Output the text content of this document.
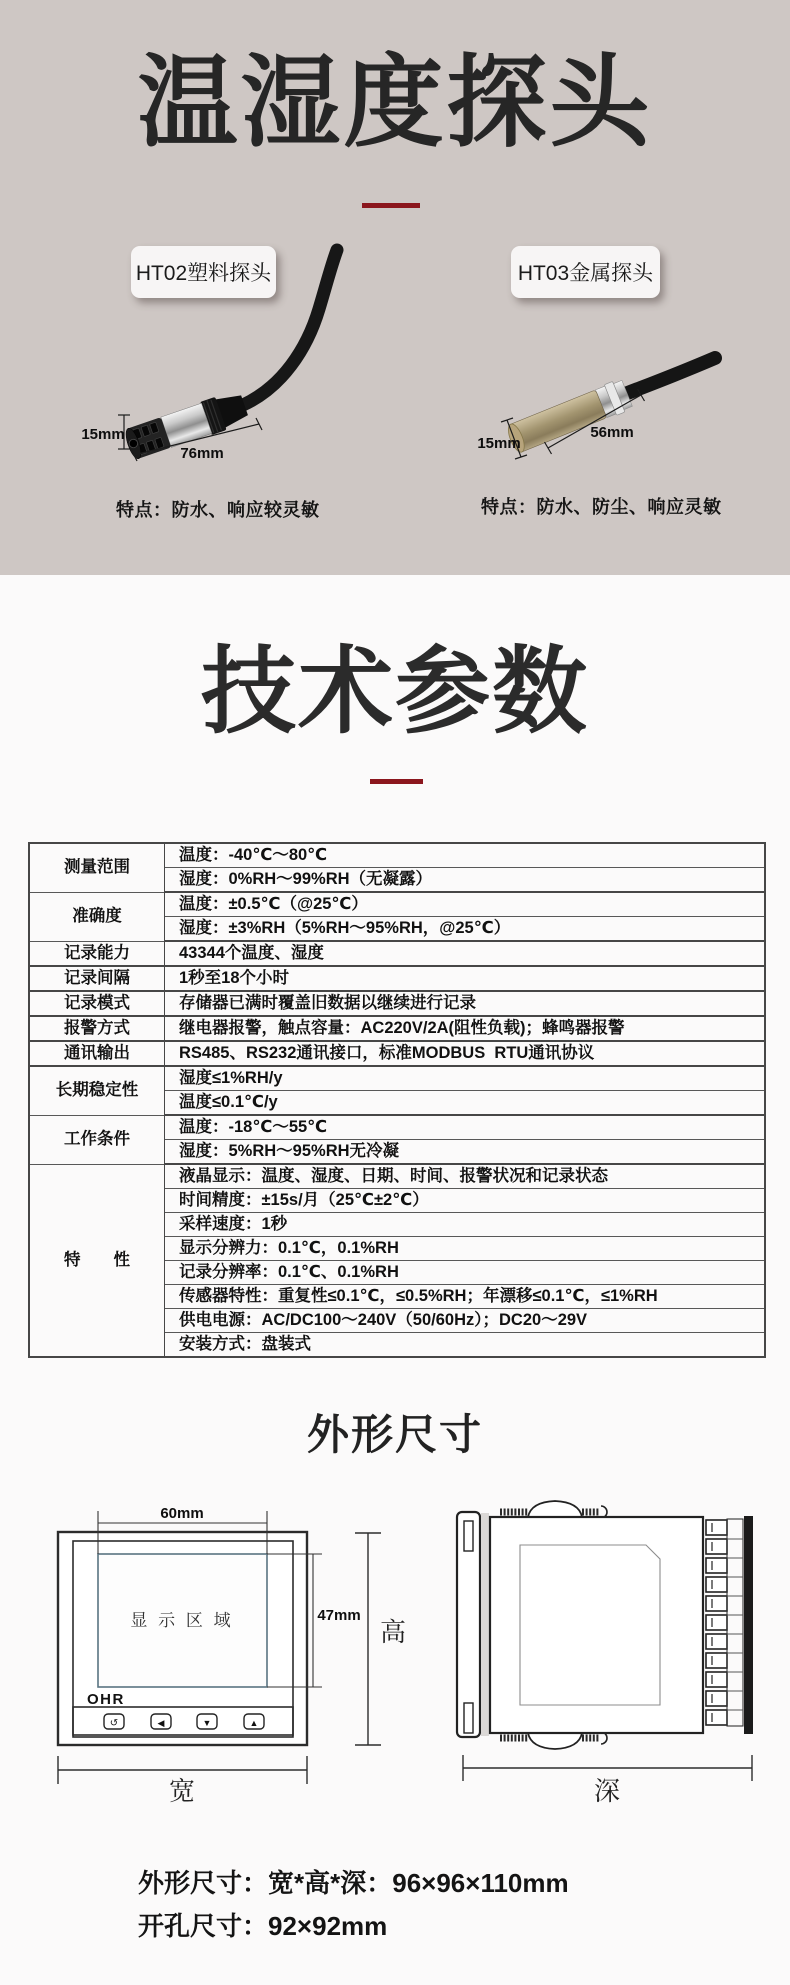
温湿度探头
15mm
76mm
15mm
56mm
HT02塑料探头	HT03金属探头
特点：防水、响应较灵敏	特点：防水、防尘、响应灵敏
技术参数
测量范围	温度：-40℃～80℃
	湿度：0%RH～99%RH（无凝露）
准确度	温度：±0.5℃（@25℃）
	湿度：±3%RH（5%RH～95%RH，@25℃）
记录能力	43344个温度、湿度
记录间隔	1秒至18个小时
记录模式	存储器已满时覆盖旧数据以继续进行记录
报警方式	继电器报警，触点容量：AC220V/2A(阻性负载)；蜂鸣器报警
通讯输出	RS485、RS232通讯接口，标准MODBUS  RTU通讯协议
长期稳定性	湿度≤1%RH/y
	温度≤0.1℃/y
工作条件	温度：-18℃～55℃
	湿度：5%RH～95%RH无冷凝
特　　性	液晶显示：温度、湿度、日期、时间、报警状况和记录状态
	时间精度：±15s/月（25℃±2℃）
	采样速度：1秒
	显示分辨力：0.1℃，0.1%RH
	记录分辨率：0.1℃、0.1%RH
	传感器特性：重复性≤0.1℃，≤0.5%RH；年漂移≤0.1℃，≤1%RH
	供电电源：AC/DC100～240V（50/60Hz）；DC20～29V
	安装方式：盘装式
外形尺寸
显 示 区 域
OHR
↺	◀	▼	▲
60mm
47mm
宽
高
深
外形尺寸：宽*高*深：96×96×110mm
开孔尺寸：92×92mm
